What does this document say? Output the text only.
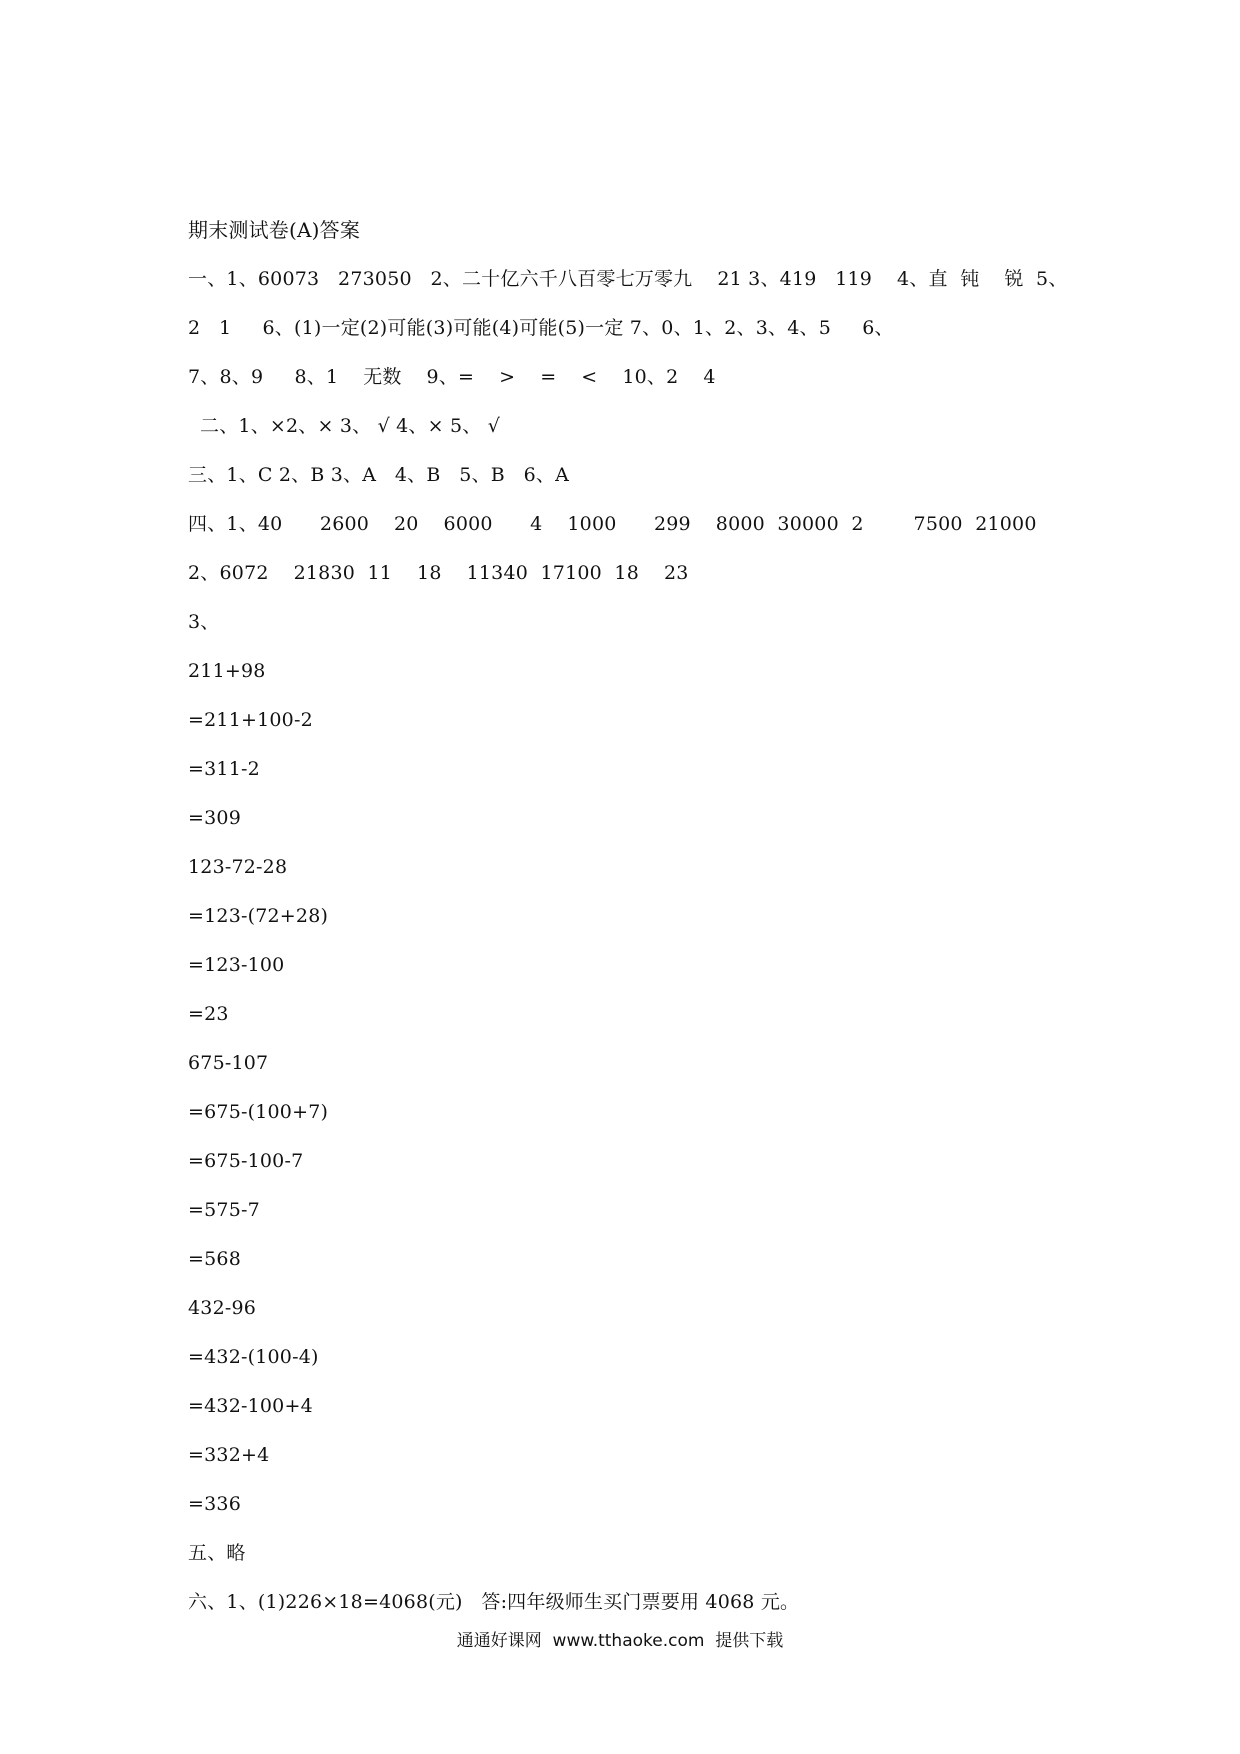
期末测试卷(A)答案
一、1、60073   273050   2、二十亿六千八百零七万零九    21 3、419   119    4、直  钝    锐  5、
2   1     6、(1)一定(2)可能(3)可能(4)可能(5)一定 7、0、1、2、3、4、5     6、
7、8、9     8、1    无数    9、=    >    =    <    10、2    4
二、1、×2、× 3、 √ 4、× 5、 √
三、1、C 2、B 3、A   4、B   5、B   6、A
四、1、40      2600    20    6000      4    1000      299    8000  30000  2        7500  21000
2、6072    21830  11    18    11340  17100  18    23
3、
211+98
=211+100-2
=311-2
=309
123-72-28
=123-(72+28)
=123-100
=23
675-107
=675-(100+7)
=675-100-7
=575-7
=568
432-96
=432-(100-4)
=432-100+4
=332+4
=336
五、略
六、1、(1)226×18=4068(元)   答:四年级师生买门票要用 4068 元。
通通好课网  www.tthaoke.com  提供下载
